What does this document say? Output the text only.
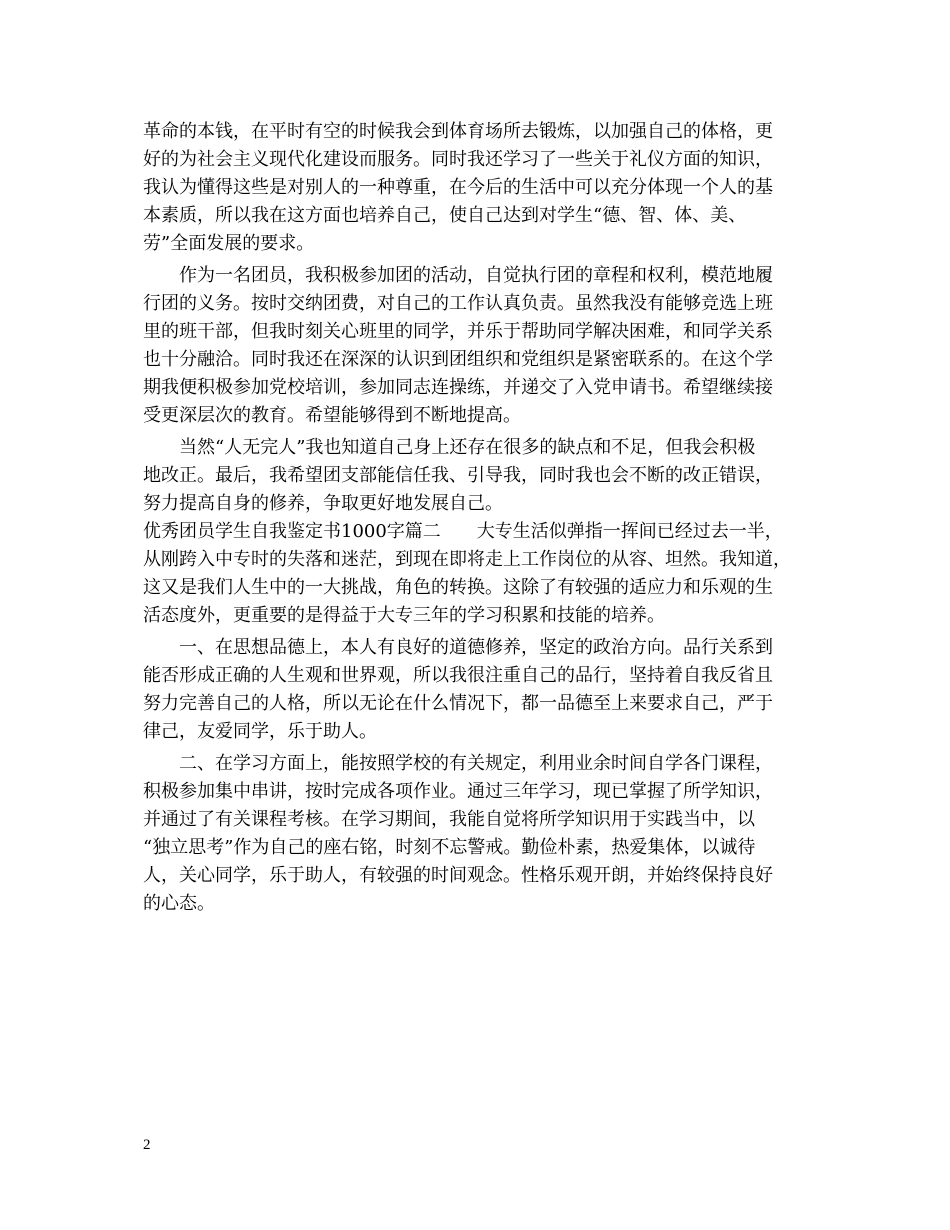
革命的本钱，在平时有空的时候我会到体育场所去锻炼，以加强自己的体格，更
好的为社会主义现代化建设而服务。同时我还学习了一些关于礼仪方面的知识，
我认为懂得这些是对别人的一种尊重，在今后的生活中可以充分体现一个人的基
本素质，所以我在这方面也培养自己，使自己达到对学生“德、智、体、美、
劳”全面发展的要求。
作为一名团员，我积极参加团的活动，自觉执行团的章程和权利，模范地履
行团的义务。按时交纳团费，对自己的工作认真负责。虽然我没有能够竞选上班
里的班干部，但我时刻关心班里的同学，并乐于帮助同学解决困难，和同学关系
也十分融洽。同时我还在深深的认识到团组织和党组织是紧密联系的。在这个学
期我便积极参加党校培训，参加同志连操练，并递交了入党申请书。希望继续接
受更深层次的教育。希望能够得到不断地提高。
当然“人无完人”我也知道自己身上还存在很多的缺点和不足，但我会积极
地改正。最后，我希望团支部能信任我、引导我，同时我也会不断的改正错误，
努力提高自身的修养，争取更好地发展自己。
优秀团员学生自我鉴定书1000字篇二　　大专生活似弹指一挥间已经过去一半，
从刚跨入中专时的失落和迷茫，到现在即将走上工作岗位的从容、坦然。我知道，
这又是我们人生中的一大挑战，角色的转换。这除了有较强的适应力和乐观的生
活态度外，更重要的是得益于大专三年的学习积累和技能的培养。
一、在思想品德上，本人有良好的道德修养，坚定的政治方向。品行关系到
能否形成正确的人生观和世界观，所以我很注重自己的品行，坚持着自我反省且
努力完善自己的人格，所以无论在什么情况下，都一品德至上来要求自己，严于
律己，友爱同学，乐于助人。
二、在学习方面上，能按照学校的有关规定，利用业余时间自学各门课程，
积极参加集中串讲，按时完成各项作业。通过三年学习，现已掌握了所学知识，
并通过了有关课程考核。在学习期间，我能自觉将所学知识用于实践当中，以
“独立思考”作为自己的座右铭，时刻不忘警戒。勤俭朴素，热爱集体，以诚待
人，关心同学，乐于助人，有较强的时间观念。性格乐观开朗，并始终保持良好
的心态。
2
